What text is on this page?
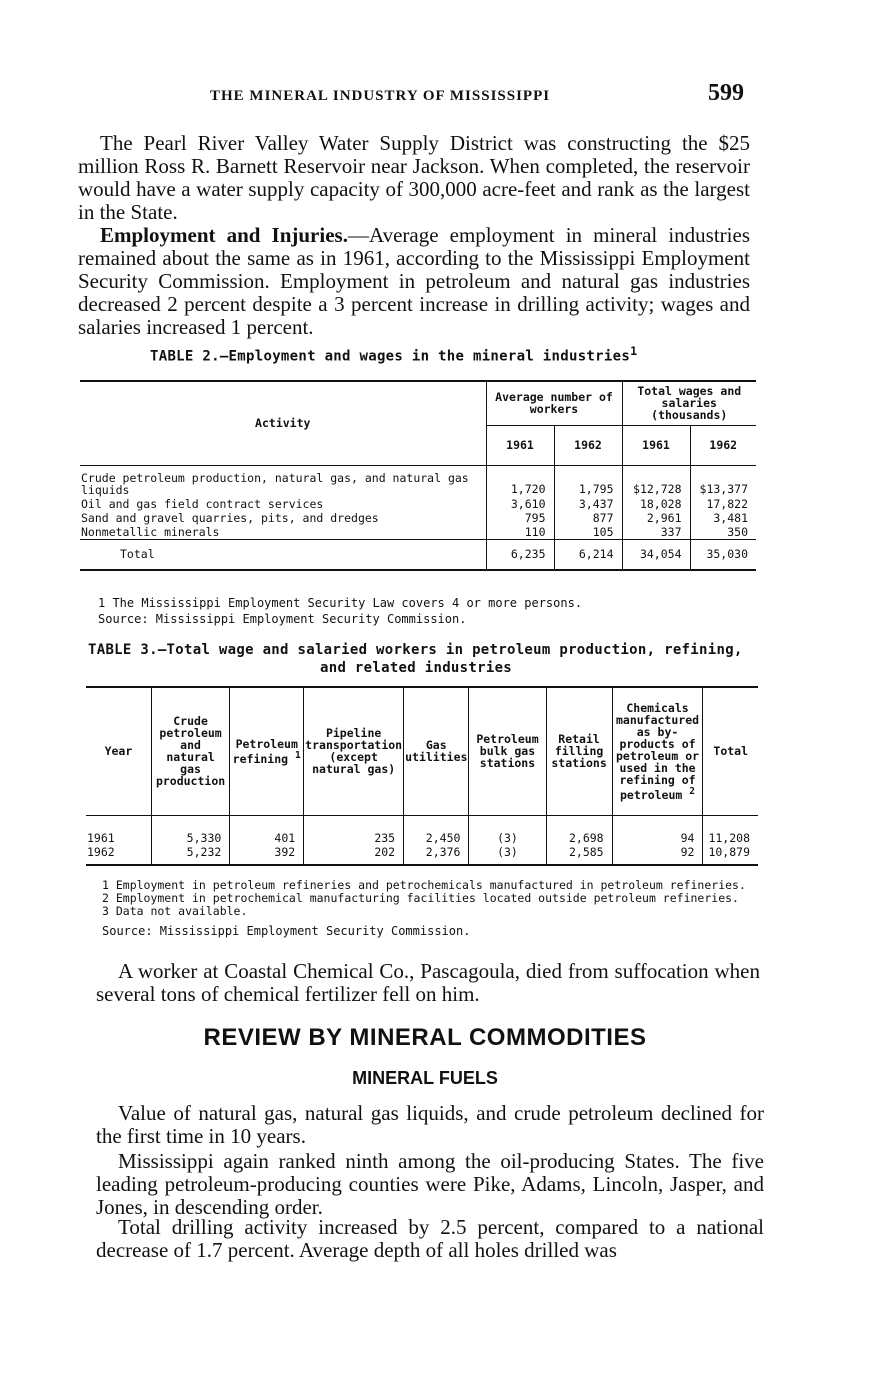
THE MINERAL INDUSTRY OF MISSISSIPPI	599
The Pearl River Valley Water Supply District was constructing the $25 million Ross R. Barnett Reservoir near Jackson. When completed, the reservoir would have a water supply capacity of 300,000 acre-feet and rank as the largest in the State.
Employment and Injuries.—Average employment in mineral industries remained about the same as in 1961, according to the Mississippi Employment Security Commission. Employment in petroleum and natural gas industries decreased 2 percent despite a 3 percent increase in drilling activity; wages and salaries increased 1 percent.
TABLE 2.—Employment and wages in the mineral industries$^1$
Activity	Average number of workers		Total wages and salaries (thousands)	
	1961	1962	1961	1962
Crude petroleum production, natural gas, and natural gas liquids	1,720	1,795	$12,728	$13,377
Oil and gas field contract services	3,610	3,437	18,028	17,822
Sand and gravel quarries, pits, and dredges	795	877	2,961	3,481
Nonmetallic minerals	110	105	337	350
Total	6,235	6,214	34,054	35,030
1 The Mississippi Employment Security Law covers 4 or more persons.
Source: Mississippi Employment Security Commission.
TABLE 3.—Total wage and salaried workers in petroleum production, refining,
and related industries
Year	Crude petroleum and natural gas production	Petroleum refining $^1$	Pipeline transportation (except natural gas)	Gas utilities	Petroleum bulk gas stations	Retail filling stations	Chemicals manufactured as by-products of petroleum or used in the refining of petroleum $^2$	Total
1961	5,330	401	235	2,450	(3)	2,698	94	11,208
1962	5,232	392	202	2,376	(3)	2,585	92	10,879
1 Employment in petroleum refineries and petrochemicals manufactured in petroleum refineries.
2 Employment in petrochemical manufacturing facilities located outside petroleum refineries.
3 Data not available.
Source: Mississippi Employment Security Commission.
A worker at Coastal Chemical Co., Pascagoula, died from suffocation when several tons of chemical fertilizer fell on him.
REVIEW BY MINERAL COMMODITIES
MINERAL FUELS
Value of natural gas, natural gas liquids, and crude petroleum declined for the first time in 10 years.
Mississippi again ranked ninth among the oil-producing States. The five leading petroleum-producing counties were Pike, Adams, Lincoln, Jasper, and Jones, in descending order.
Total drilling activity increased by 2.5 percent, compared to a national decrease of 1.7 percent. Average depth of all holes drilled was
